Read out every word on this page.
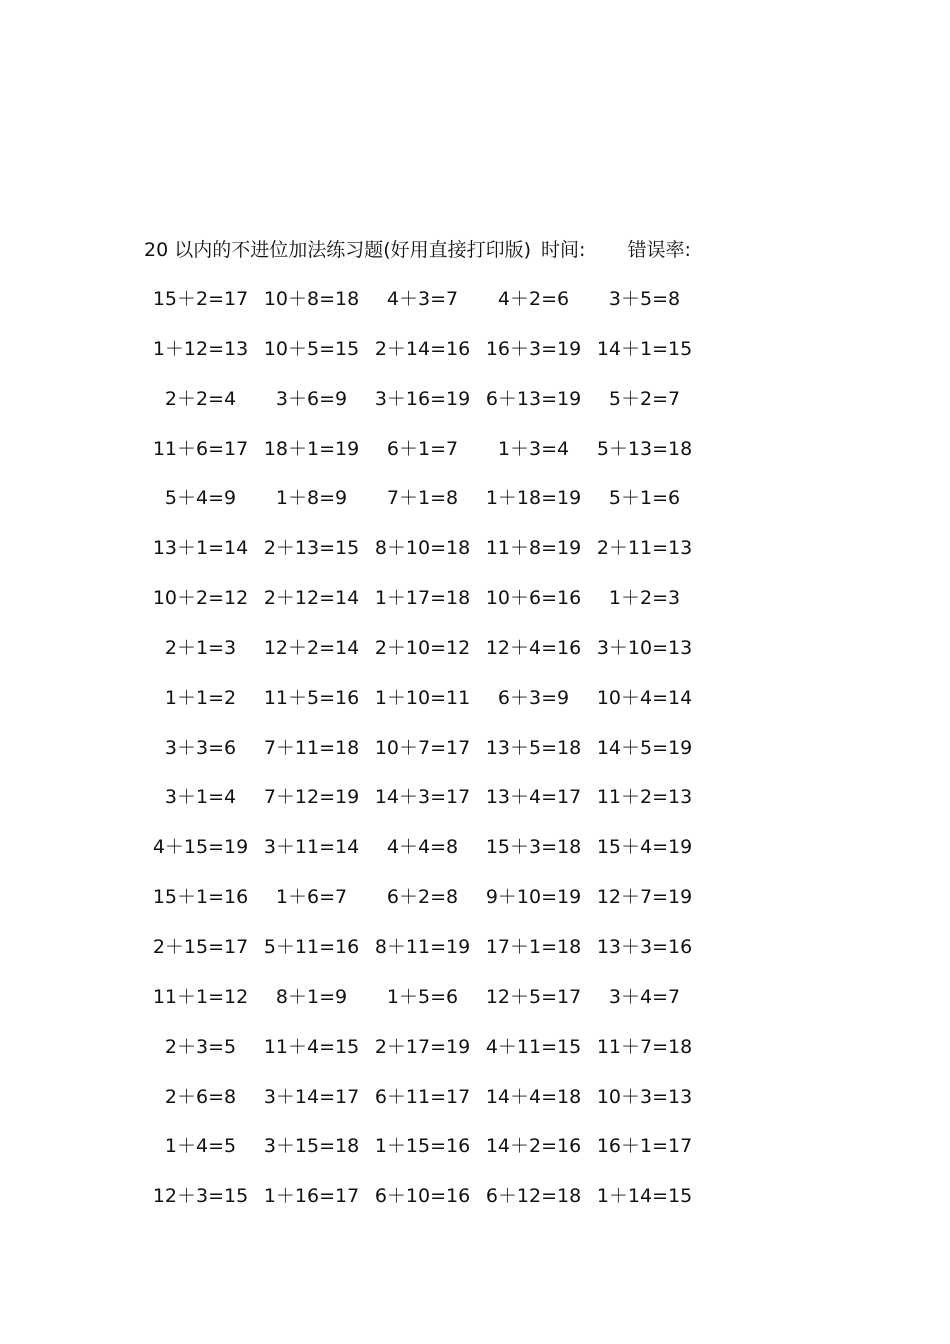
20 以内的不进位加法练习题(好用直接打印版) 时间: 错误率:
15＋2=17 10＋8=18	4＋3=7	4＋2=6	3＋5=8
1＋12=13 10＋5=15 2＋14=16 16＋3=19 14＋1=15
2＋2=4	3＋6=9	3＋16=19 6＋13=19	5＋2=7
11＋6=17 18＋1=19	6＋1=7	1＋3=4	5＋13=18
5＋4=9	1＋8=9	7＋1=8	1＋18=19	5＋1=6
13＋1=14 2＋13=15 8＋10=18 11＋8=19 2＋11=13
10＋2=12 2＋12=14 1＋17=18 10＋6=16	1＋2=3
2＋1=3	12＋2=14 2＋10=12 12＋4=16 3＋10=13
1＋1=2	11＋5=16 1＋10=11	6＋3=9	10＋4=14
3＋3=6	7＋11=18 10＋7=17 13＋5=18 14＋5=19
3＋1=4	7＋12=19 14＋3=17 13＋4=17 11＋2=13
4＋15=19 3＋11=14	4＋4=8	15＋3=18 15＋4=19
15＋1=16	1＋6=7	6＋2=8	9＋10=19 12＋7=19
2＋15=17 5＋11=16 8＋11=19 17＋1=18 13＋3=16
11＋1=12	8＋1=9	1＋5=6	12＋5=17	3＋4=7
2＋3=5	11＋4=15 2＋17=19 4＋11=15 11＋7=18
2＋6=8	3＋14=17 6＋11=17 14＋4=18 10＋3=13
1＋4=5	3＋15=18 1＋15=16 14＋2=16 16＋1=17
12＋3=15 1＋16=17 6＋10=16 6＋12=18 1＋14=15
